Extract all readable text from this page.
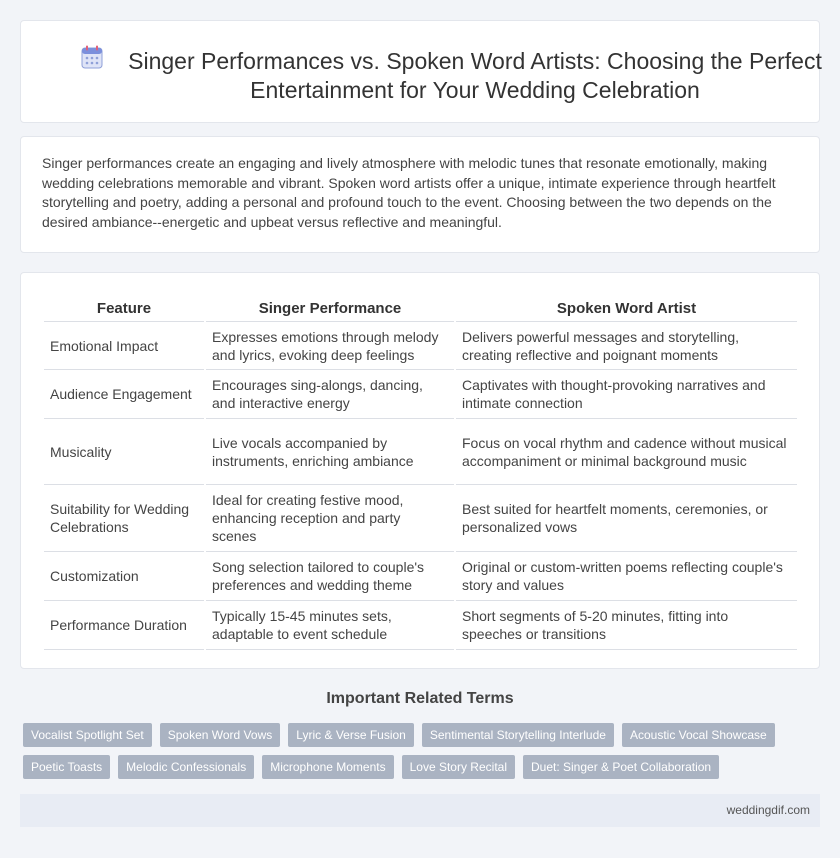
Singer Performances vs. Spoken Word Artists: Choosing the Perfect Entertainment for Your Wedding Celebration

Singer performances create an engaging and lively atmosphere with melodic tunes that resonate emotionally, making wedding celebrations memorable and vibrant. Spoken word artists offer a unique, intimate experience through heartfelt storytelling and poetry, adding a personal and profound touch to the event. Choosing between the two depends on the desired ambiance--energetic and upbeat versus reflective and meaningful.

Feature	Singer Performance	Spoken Word Artist
Emotional Impact	Expresses emotions through melody and lyrics, evoking deep feelings	Delivers powerful messages and storytelling, creating reflective and poignant moments
Audience Engagement	Encourages sing-alongs, dancing, and interactive energy	Captivates with thought-provoking narratives and intimate connection
Musicality	Live vocals accompanied by instruments, enriching ambiance	Focus on vocal rhythm and cadence without musical accompaniment or minimal background music
Suitability for Wedding Celebrations	Ideal for creating festive mood, enhancing reception and party scenes	Best suited for heartfelt moments, ceremonies, or personalized vows
Customization	Song selection tailored to couple's preferences and wedding theme	Original or custom-written poems reflecting couple's story and values
Performance Duration	Typically 15-45 minutes sets, adaptable to event schedule	Short segments of 5-20 minutes, fitting into speeches or transitions
Important Related Terms
Vocalist Spotlight Set	Spoken Word Vows	Lyric & Verse Fusion	Sentimental Storytelling Interlude	Acoustic Vocal Showcase
Poetic Toasts	Melodic Confessionals	Microphone Moments	Love Story Recital	Duet: Singer & Poet Collaboration
weddingdif.com
